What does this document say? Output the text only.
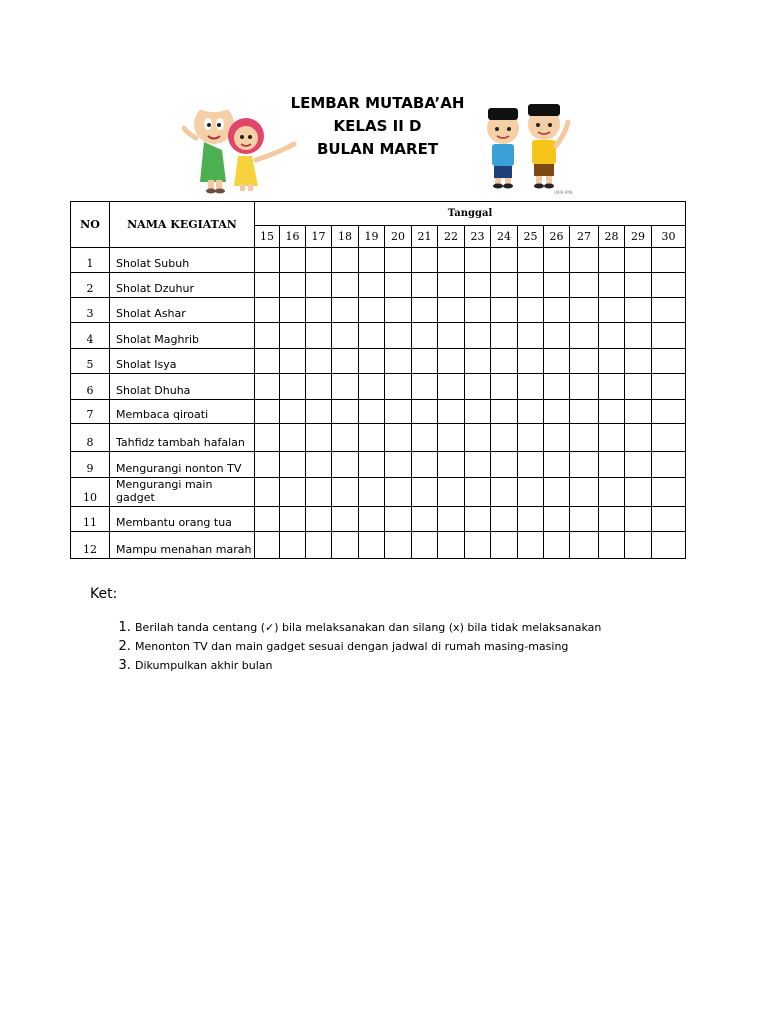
LEMBAR MUTABA’AH
KELAS II D
BULAN MARET
UPIN IPIN
NO	NAMA KEGIATAN	Tanggal															
		15	16	17	18	19	20	21	22	23	24	25	26	27	28	29	30
1	Sholat Subuh																
2	Sholat Dzuhur																
3	Sholat Ashar																
4	Sholat Maghrib																
5	Sholat Isya																
6	Sholat Dhuha																
7	Membaca qiroati																
8	Tahfidz tambah hafalan																
9	Mengurangi nonton TV																
10	Mengurangi main gadget																
11	Membantu orang tua																
12	Mampu menahan marah																
Ket:
1. Berilah tanda centang (✓) bila melaksanakan dan silang (x) bila tidak melaksanakan
2. Menonton TV dan main gadget sesuai dengan jadwal di rumah masing-masing
3. Dikumpulkan akhir bulan
